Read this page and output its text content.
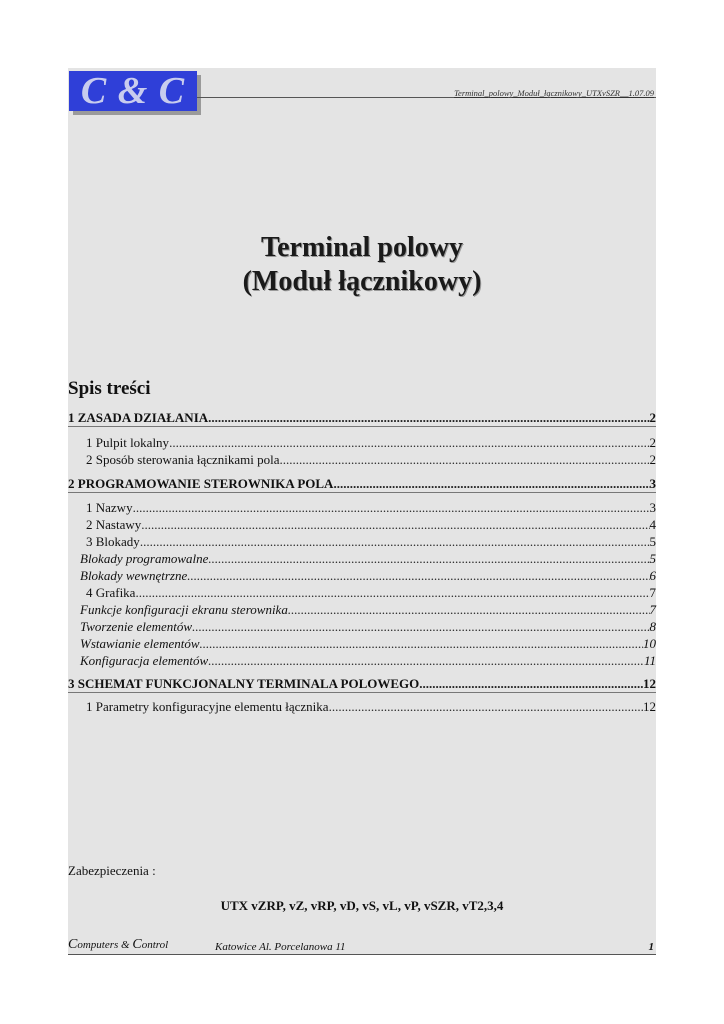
C & C	Terminal_polowy_Moduł_łącznikowy_UTXvSZR__1.07.09
Terminal polowy
(Moduł łącznikowy)
Spis treści
1 ZASADA DZIAŁANIA .....	2
1 Pulpit lokalny .....	2
2 Sposób sterowania łącznikami pola .....	2
2 PROGRAMOWANIE STEROWNIKA POLA .....	3
1 Nazwy .....	3
2 Nastawy .....	4
3 Blokady .....	5
Blokady programowalne .....	5
Blokady wewnętrzne .....	6
4 Grafika .....	7
Funkcje konfiguracji ekranu sterownika .....	7
Tworzenie elementów .....	8
Wstawianie elementów .....	10
Konfiguracja elementów .....	11
3 SCHEMAT FUNKCJONALNY TERMINALA POLOWEGO .....	12
1 Parametry konfiguracyjne elementu łącznika .....	12
Zabezpieczenia :
UTX vZRP, vZ, vRP, vD, vS, vL, vP, vSZR, vT2,3,4
Computers & Control	Katowice Al. Porcelanowa 11	1
